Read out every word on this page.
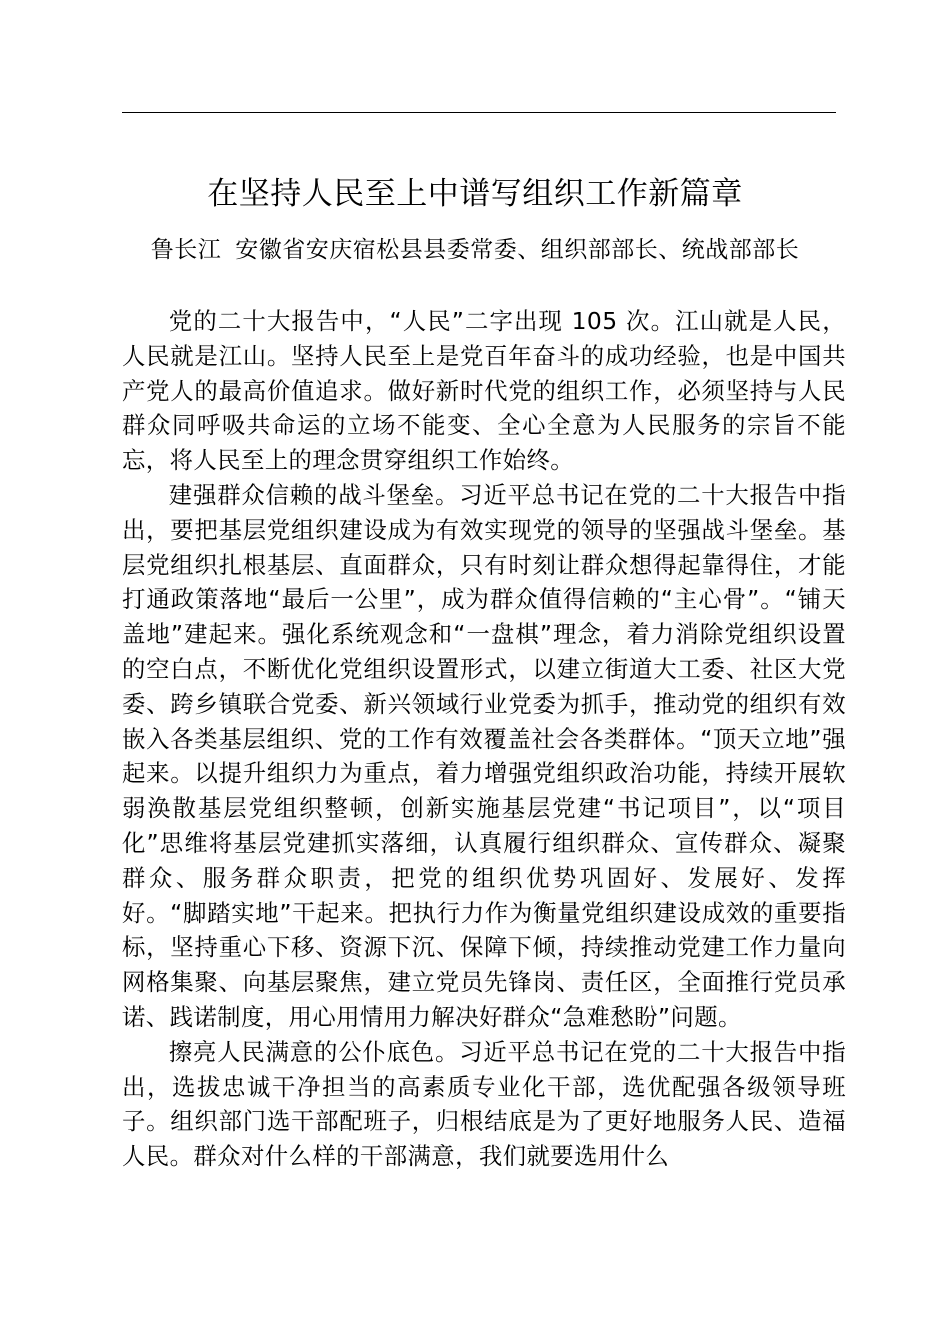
在坚持人民至上中谱写组织工作新篇章
鲁长江 安徽省安庆宿松县县委常委、组织部部长、统战部部长

党的二十大报告中，“人民”二字出现 105 次。江山就是人民，人民就是江山。坚持人民至上是党百年奋斗的成功经验，也是中国共产党人的最高价值追求。做好新时代党的组织工作，必须坚持与人民群众同呼吸共命运的立场不能变、全心全意为人民服务的宗旨不能忘，将人民至上的理念贯穿组织工作始终。

建强群众信赖的战斗堡垒。习近平总书记在党的二十大报告中指出，要把基层党组织建设成为有效实现党的领导的坚强战斗堡垒。基层党组织扎根基层、直面群众，只有时刻让群众想得起靠得住，才能打通政策落地“最后一公里”，成为群众值得信赖的“主心骨”。“铺天盖地”建起来。强化系统观念和“一盘棋”理念，着力消除党组织设置的空白点，不断优化党组织设置形式，以建立街道大工委、社区大党委、跨乡镇联合党委、新兴领域行业党委为抓手，推动党的组织有效嵌入各类基层组织、党的工作有效覆盖社会各类群体。“顶天立地”强起来。以提升组织力为重点，着力增强党组织政治功能，持续开展软弱涣散基层党组织整顿，创新实施基层党建“书记项目”，以“项目化”思维将基层党建抓实落细，认真履行组织群众、宣传群众、凝聚群众、服务群众职责，把党的组织优势巩固好、发展好、发挥好。“脚踏实地”干起来。把执行力作为衡量党组织建设成效的重要指标，坚持重心下移、资源下沉、保障下倾，持续推动党建工作力量向网格集聚、向基层聚焦，建立党员先锋岗、责任区，全面推行党员承诺、践诺制度，用心用情用力解决好群众“急难愁盼”问题。

擦亮人民满意的公仆底色。习近平总书记在党的二十大报告中指出，选拔忠诚干净担当的高素质专业化干部，选优配强各级领导班子。组织部门选干部配班子，归根结底是为了更好地服务人民、造福人民。群众对什么样的干部满意，我们就要选用什么
